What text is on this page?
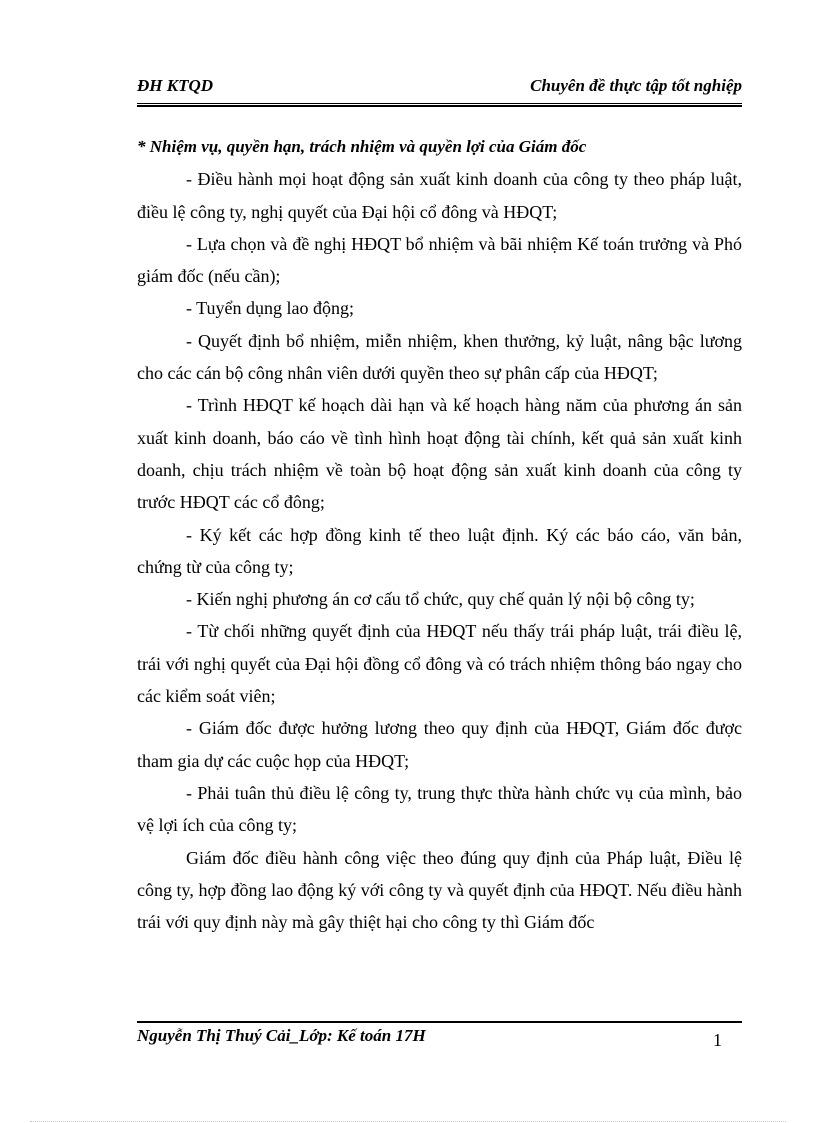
ĐH KTQD	Chuyên đề thực tập tốt nghiệp

* Nhiệm vụ, quyền hạn, trách nhiệm và quyền lợi của Giám đốc

- Điều hành mọi hoạt động sản xuất kinh doanh của công ty theo pháp luật, điều lệ công ty, nghị quyết của Đại hội cổ đông và HĐQT;

- Lựa chọn và đề nghị HĐQT bổ nhiệm và bãi nhiệm Kế toán trưởng và Phó giám đốc (nếu cần);

- Tuyển dụng lao động;

- Quyết định bổ nhiệm, miễn nhiệm, khen thưởng, kỷ luật, nâng bậc lương cho các cán bộ công nhân viên dưới quyền theo sự phân cấp của HĐQT;

- Trình HĐQT kế hoạch dài hạn và kế hoạch hàng năm của phương án sản xuất kinh doanh, báo cáo về tình hình hoạt động tài chính, kết quả sản xuất kinh doanh, chịu trách nhiệm về toàn bộ hoạt động sản xuất kinh doanh của công ty trước HĐQT các cổ đông;

- Ký kết các hợp đồng kinh tế theo luật định. Ký các báo cáo, văn bản, chứng từ của công ty;

- Kiến nghị phương án cơ cấu tổ chức, quy chế quản lý nội bộ công ty;

- Từ chối những quyết định của HĐQT nếu thấy trái pháp luật, trái điều lệ, trái với nghị quyết của Đại hội đồng cổ đông và có trách nhiệm thông báo ngay cho các kiểm soát viên;

- Giám đốc được hưởng lương theo quy định của HĐQT, Giám đốc được tham gia dự các cuộc họp của HĐQT;

- Phải tuân thủ điều lệ công ty, trung thực thừa hành chức vụ của mình, bảo vệ lợi ích của công ty;

Giám đốc điều hành công việc theo đúng quy định của Pháp luật, Điều lệ công ty, hợp đồng lao động ký với công ty và quyết định của HĐQT. Nếu điều hành trái với quy định này mà gây thiệt hại cho công ty thì Giám đốc

Nguyễn Thị Thuý Cải_Lớp: Kế toán 17H	1
